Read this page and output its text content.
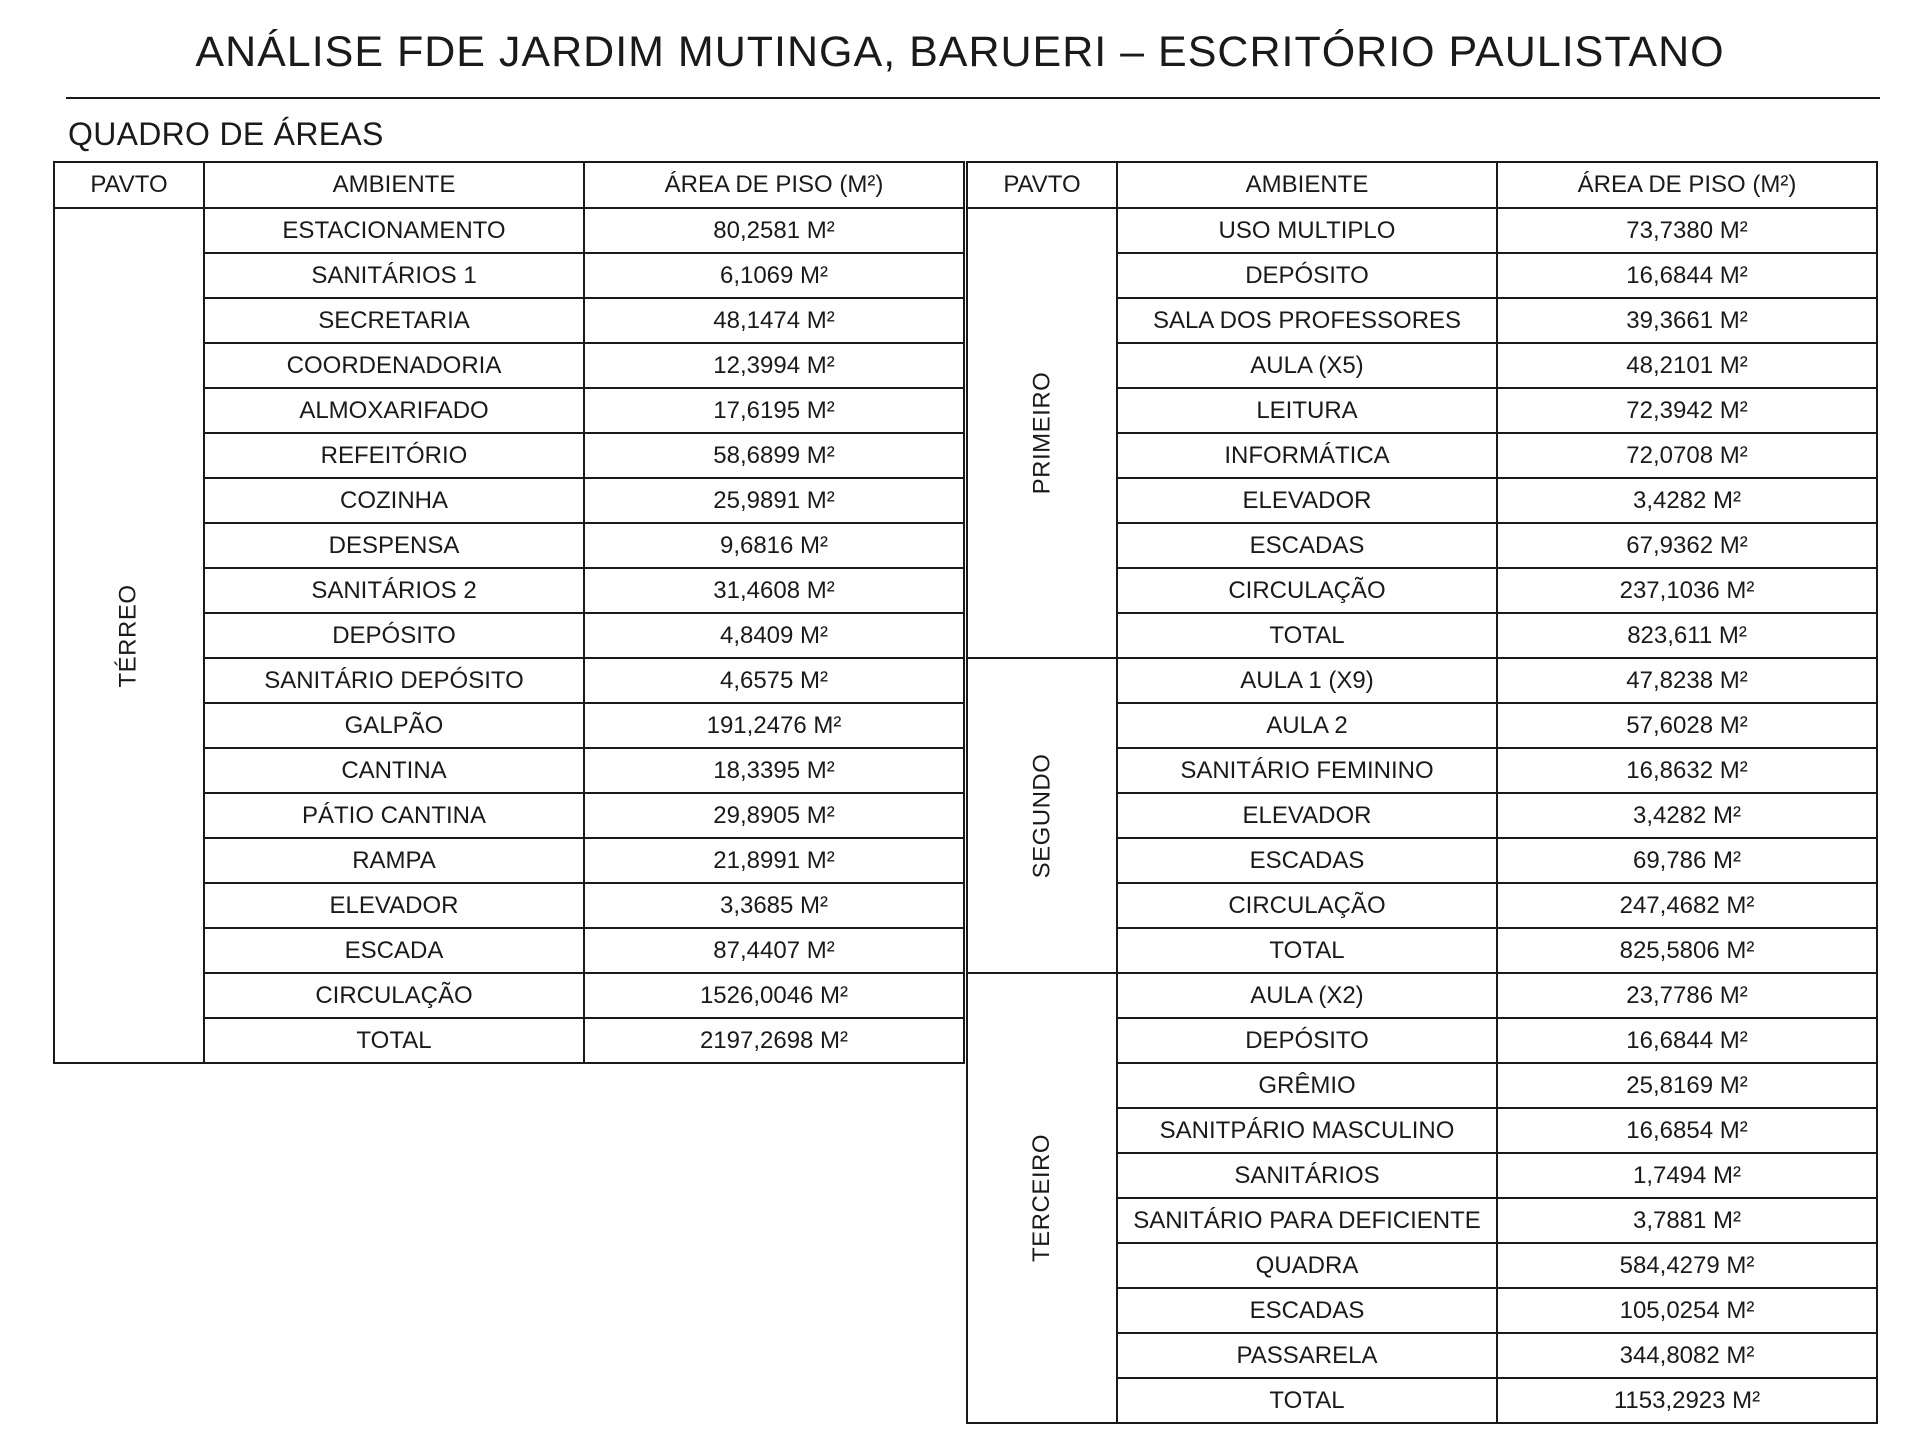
ANÁLISE FDE JARDIM MUTINGA, BARUERI – ESCRITÓRIO PAULISTANO
QUADRO DE ÁREAS
PAVTO	AMBIENTE	ÁREA DE PISO (M²)
TÉRREO	ESTACIONAMENTO	80,2581 M²
	SANITÁRIOS 1	6,1069 M²
	SECRETARIA	48,1474 M²
	COORDENADORIA	12,3994 M²
	ALMOXARIFADO	17,6195 M²
	REFEITÓRIO	58,6899 M²
	COZINHA	25,9891 M²
	DESPENSA	9,6816 M²
	SANITÁRIOS 2	31,4608 M²
	DEPÓSITO	4,8409 M²
	SANITÁRIO DEPÓSITO	4,6575 M²
	GALPÃO	191,2476 M²
	CANTINA	18,3395 M²
	PÁTIO CANTINA	29,8905 M²
	RAMPA	21,8991 M²
	ELEVADOR	3,3685 M²
	ESCADA	87,4407 M²
	CIRCULAÇÃO	1526,0046 M²
	TOTAL	2197,2698 M²
PAVTO	AMBIENTE	ÁREA DE PISO (M²)
PRIMEIRO	USO MULTIPLO	73,7380 M²
	DEPÓSITO	16,6844 M²
	SALA DOS PROFESSORES	39,3661 M²
	AULA (X5)	48,2101 M²
	LEITURA	72,3942 M²
	INFORMÁTICA	72,0708 M²
	ELEVADOR	3,4282 M²
	ESCADAS	67,9362 M²
	CIRCULAÇÃO	237,1036 M²
	TOTAL	823,611 M²
SEGUNDO	AULA 1 (X9)	47,8238 M²
	AULA 2	57,6028 M²
	SANITÁRIO FEMININO	16,8632 M²
	ELEVADOR	3,4282 M²
	ESCADAS	69,786 M²
	CIRCULAÇÃO	247,4682 M²
	TOTAL	825,5806 M²
TERCEIRO	AULA (X2)	23,7786 M²
	DEPÓSITO	16,6844 M²
	GRÊMIO	25,8169 M²
	SANITPÁRIO MASCULINO	16,6854 M²
	SANITÁRIOS	1,7494 M²
	SANITÁRIO PARA DEFICIENTE	3,7881 M²
	QUADRA	584,4279 M²
	ESCADAS	105,0254 M²
	PASSARELA	344,8082 M²
	TOTAL	1153,2923 M²
